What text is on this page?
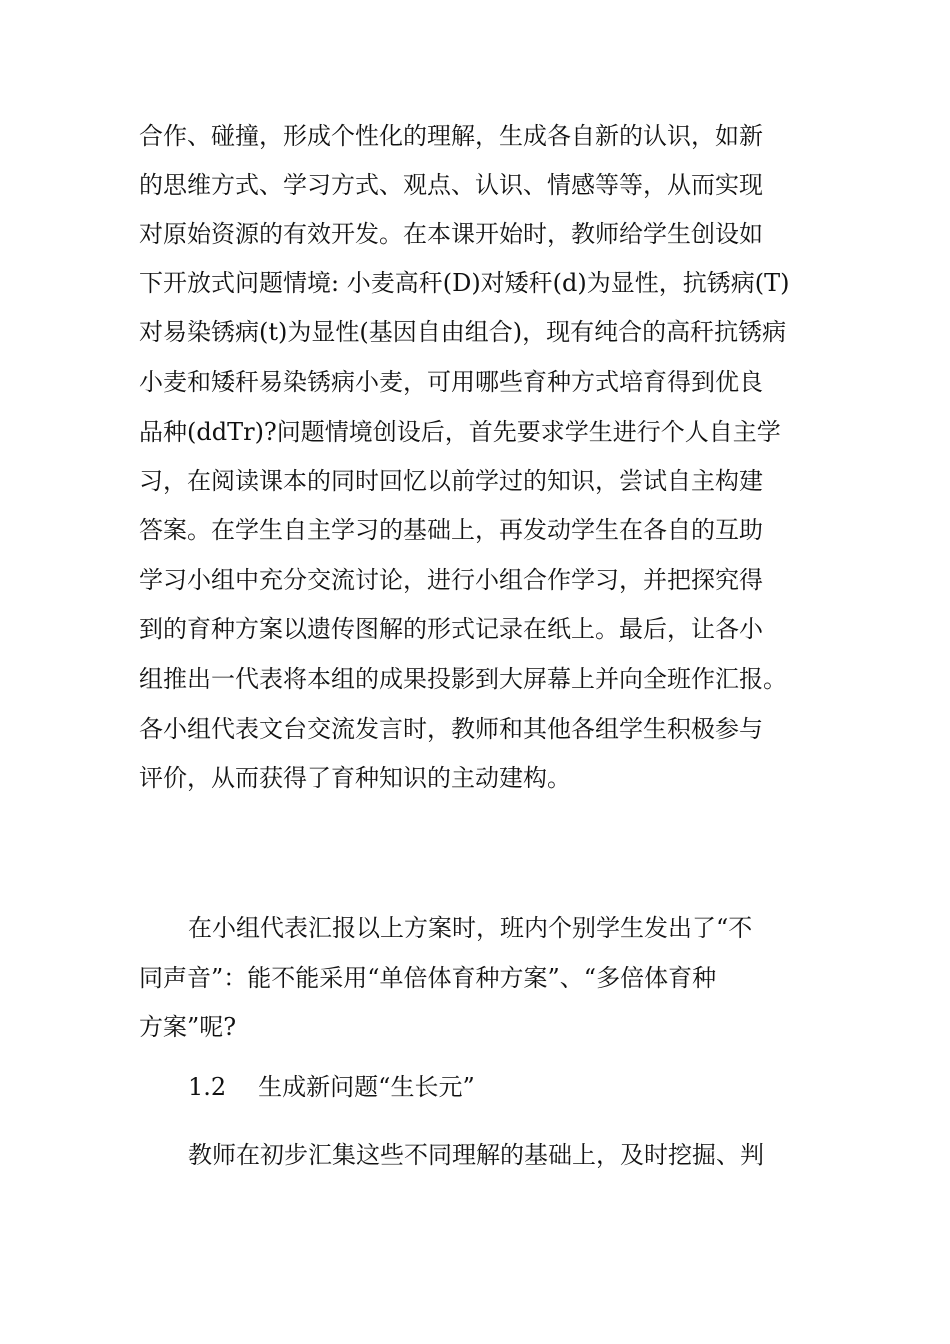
合作、碰撞，形成个性化的理解，生成各自新的认识，如新
的思维方式、学习方式、观点、认识、情感等等，从而实现
对原始资源的有效开发。在本课开始时，教师给学生创设如
下开放式问题情境: 小麦高秆(D)对矮秆(d)为显性，抗锈病(T)
对易染锈病(t)为显性(基因自由组合)，现有纯合的高秆抗锈病
小麦和矮秆易染锈病小麦，可用哪些育种方式培育得到优良
品种(ddTr)?问题情境创设后，首先要求学生进行个人自主学
习，在阅读课本的同时回忆以前学过的知识，尝试自主构建
答案。在学生自主学习的基础上，再发动学生在各自的互助
学习小组中充分交流讨论，进行小组合作学习，并把探究得
到的育种方案以遗传图解的形式记录在纸上。最后，让各小
组推出一代表将本组的成果投影到大屏幕上并向全班作汇报。
各小组代表文台交流发言时，教师和其他各组学生积极参与
评价，从而获得了育种知识的主动建构。
在小组代表汇报以上方案时，班内个别学生发出了“不
同声音”：能不能采用“单倍体育种方案”、“多倍体育种
方案”呢?
1.2 生成新问题“生长元”
教师在初步汇集这些不同理解的基础上，及时挖掘、判
